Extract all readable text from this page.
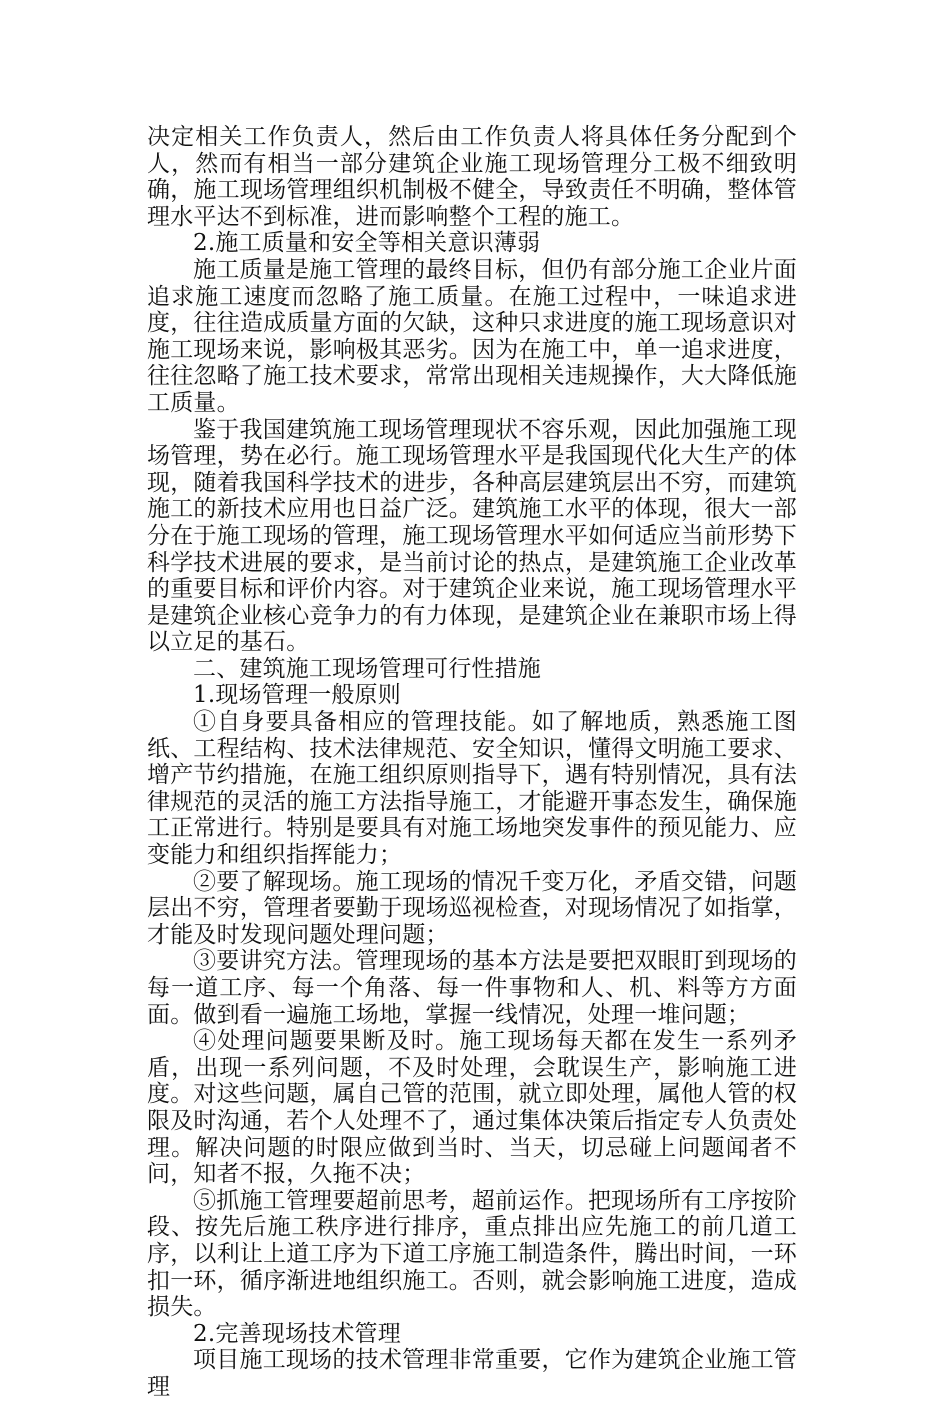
决定相关工作负责人，然后由工作负责人将具体任务分配到个人，然而有相当一部分建筑企业施工现场管理分工极不细致明确，施工现场管理组织机制极不健全，导致责任不明确，整体管理水平达不到标准，进而影响整个工程的施工。

2.施工质量和安全等相关意识薄弱

施工质量是施工管理的最终目标，但仍有部分施工企业片面追求施工速度而忽略了施工质量。在施工过程中，一味追求进度，往往造成质量方面的欠缺，这种只求进度的施工现场意识对施工现场来说，影响极其恶劣。因为在施工中，单一追求进度，往往忽略了施工技术要求，常常出现相关违规操作，大大降低施工质量。

鉴于我国建筑施工现场管理现状不容乐观，因此加强施工现场管理，势在必行。施工现场管理水平是我国现代化大生产的体现，随着我国科学技术的进步，各种高层建筑层出不穷，而建筑施工的新技术应用也日益广泛。建筑施工水平的体现，很大一部分在于施工现场的管理，施工现场管理水平如何适应当前形势下科学技术进展的要求，是当前讨论的热点，是建筑施工企业改革的重要目标和评价内容。对于建筑企业来说，施工现场管理水平是建筑企业核心竞争力的有力体现，是建筑企业在兼职市场上得以立足的基石。

二、建筑施工现场管理可行性措施

1.现场管理一般原则

①自身要具备相应的管理技能。如了解地质，熟悉施工图纸、工程结构、技术法律规范、安全知识，懂得文明施工要求、增产节约措施，在施工组织原则指导下，遇有特别情况，具有法律规范的灵活的施工方法指导施工，才能避开事态发生，确保施工正常进行。特别是要具有对施工场地突发事件的预见能力、应变能力和组织指挥能力；

②要了解现场。施工现场的情况千变万化，矛盾交错，问题层出不穷，管理者要勤于现场巡视检查，对现场情况了如指掌，才能及时发现问题处理问题；

③要讲究方法。管理现场的基本方法是要把双眼盯到现场的每一道工序、每一个角落、每一件事物和人、机、料等方方面面。做到看一遍施工场地，掌握一线情况，处理一堆问题；

④处理问题要果断及时。施工现场每天都在发生一系列矛盾，出现一系列问题，不及时处理，会耽误生产，影响施工进度。对这些问题，属自己管的范围，就立即处理，属他人管的权限及时沟通，若个人处理不了，通过集体决策后指定专人负责处理。解决问题的时限应做到当时、当天，切忌碰上问题闻者不问，知者不报，久拖不决；

⑤抓施工管理要超前思考，超前运作。把现场所有工序按阶段、按先后施工秩序进行排序，重点排出应先施工的前几道工序，以利让上道工序为下道工序施工制造条件，腾出时间，一环扣一环，循序渐进地组织施工。否则，就会影响施工进度，造成损失。

2.完善现场技术管理

项目施工现场的技术管理非常重要，它作为建筑企业施工管理
